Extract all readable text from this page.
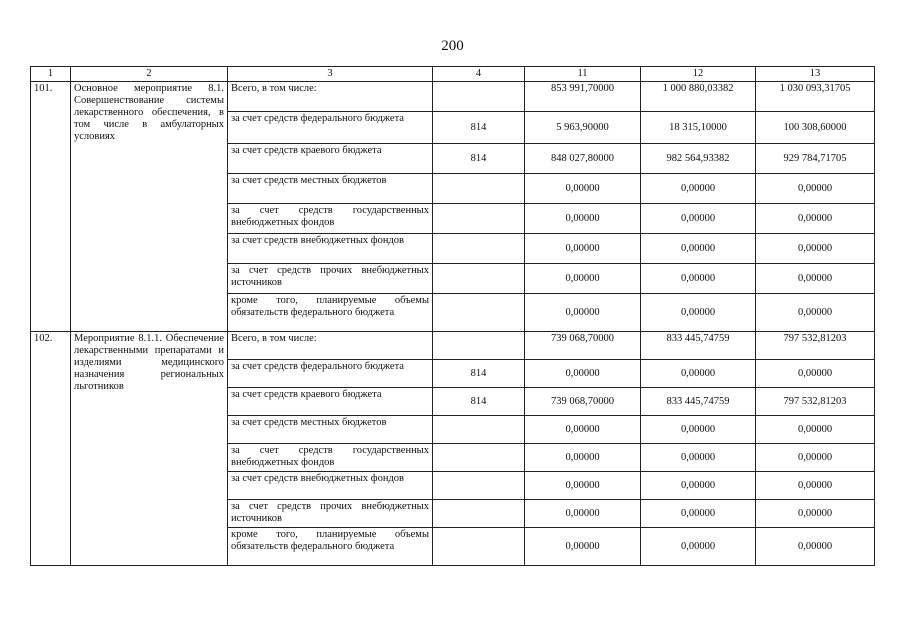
200
1	2	3	4	11	12	13
101.	Основное мероприятие 8.1. Совершенствование системы лекарственного обеспечения, в том числе в амбулаторных условиях	Всего, в том числе:		853 991,70000	1 000 880,03382	1 030 093,31705
		за счет средств федерального бюджета	814	5 963,90000	18 315,10000	100 308,60000
		за счет средств краевого бюджета	814	848 027,80000	982 564,93382	929 784,71705
		за счет средств местных бюджетов		0,00000	0,00000	0,00000
		за счет средств государственных внебюджетных фондов		0,00000	0,00000	0,00000
		за счет средств внебюджетных фондов		0,00000	0,00000	0,00000
		за счет средств прочих внебюджетных источников		0,00000	0,00000	0,00000
		кроме того, планируемые объемы обязательств федерального бюджета		0,00000	0,00000	0,00000
102.	Мероприятие 8.1.1. Обеспечение лекарственными препаратами и изделиями медицинского назначения региональных льготников	Всего, в том числе:		739 068,70000	833 445,74759	797 532,81203
		за счет средств федерального бюджета	814	0,00000	0,00000	0,00000
		за счет средств краевого бюджета	814	739 068,70000	833 445,74759	797 532,81203
		за счет средств местных бюджетов		0,00000	0,00000	0,00000
		за счет средств государственных внебюджетных фондов		0,00000	0,00000	0,00000
		за счет средств внебюджетных фондов		0,00000	0,00000	0,00000
		за счет средств прочих внебюджетных источников		0,00000	0,00000	0,00000
		кроме того, планируемые объемы обязательств федерального бюджета		0,00000	0,00000	0,00000
